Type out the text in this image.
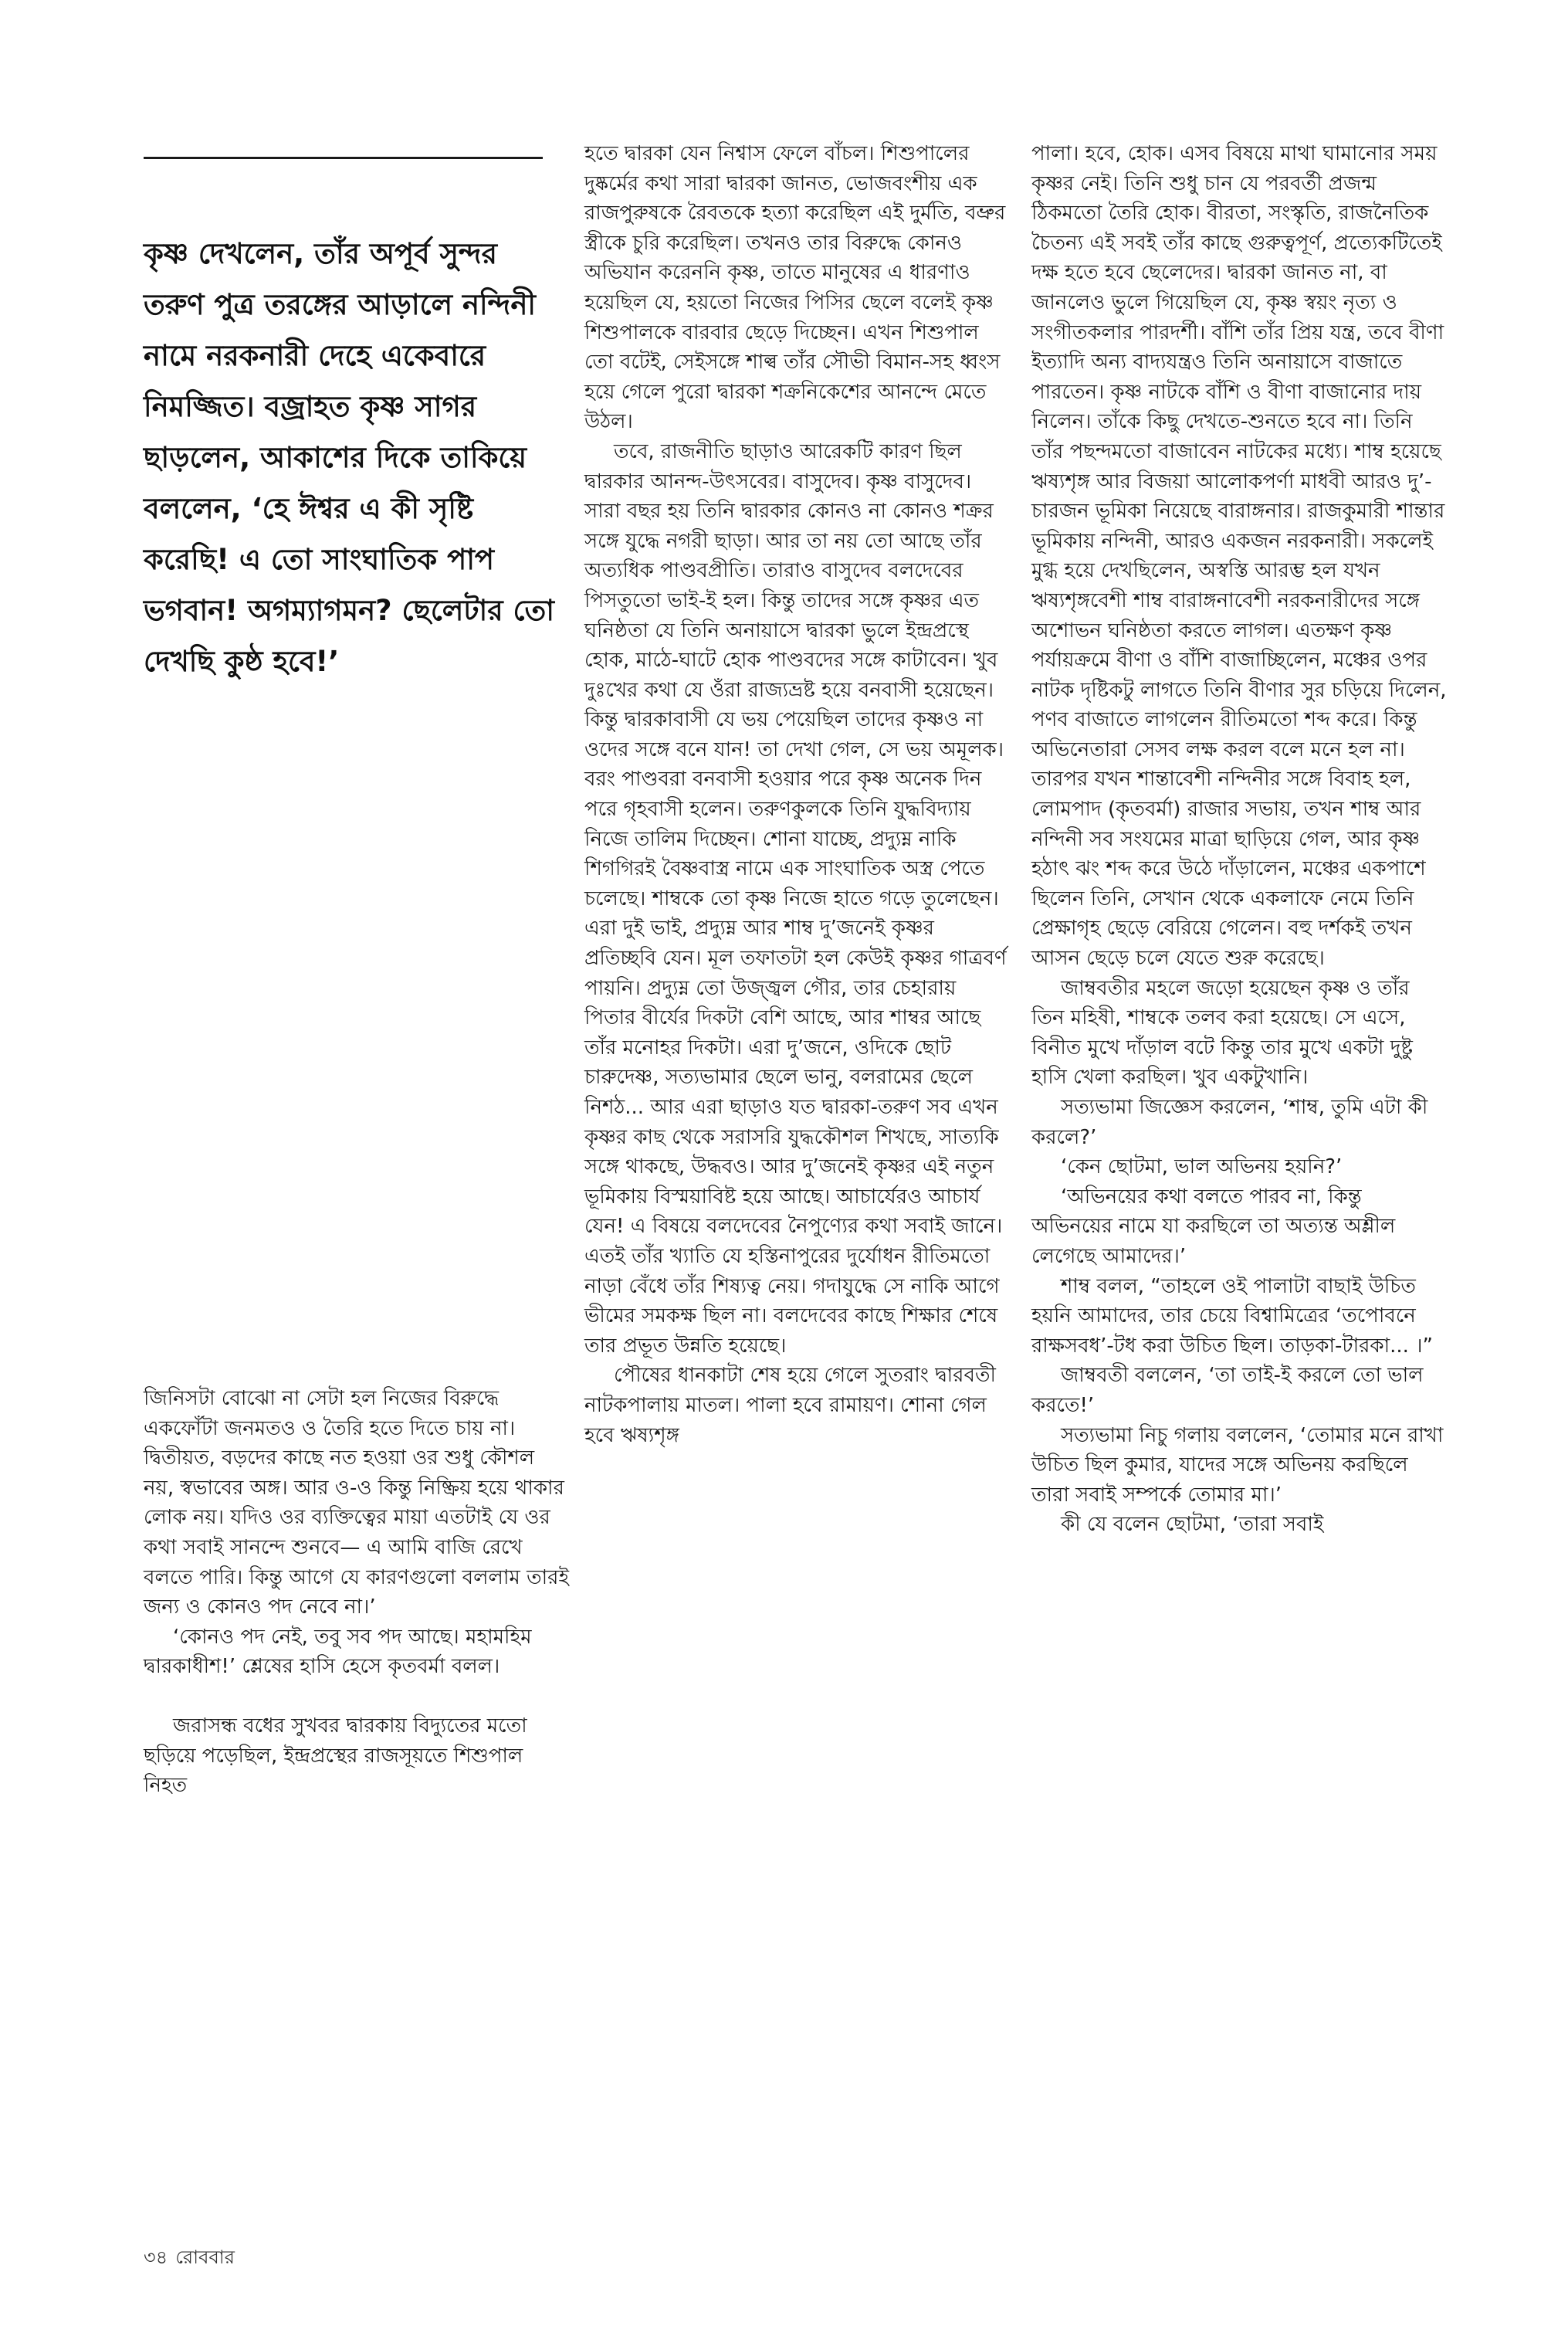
কৃষ্ণ দেখলেন, তাঁর অপূর্ব সুন্দর তরুণ পুত্র তরঙ্গের আড়ালে নন্দিনী নামে নরকনারী দেহে একেবারে নিমজ্জিত। বজ্রাহত কৃষ্ণ সাগর ছাড়লেন, আকাশের দিকে তাকিয়ে বললেন, ‘হে ঈশ্বর এ কী সৃষ্টি করেছি! এ তো সাংঘাতিক পাপ ভগবান! অগম্যাগমন? ছেলেটার তো দেখছি কুষ্ঠ হবে!’

জিনিসটা বোঝো না সেটা হল নিজের বিরুদ্ধে একফোঁটা জনমতও ও তৈরি হতে দিতে চায় না। দ্বিতীয়ত, বড়দের কাছে নত হওয়া ওর শুধু কৌশল নয়, স্বভাবের অঙ্গ। আর ও-ও কিন্তু নিষ্ক্রিয় হয়ে থাকার লোক নয়। যদিও ওর ব্যক্তিত্বের মায়া এতটাই যে ওর কথা সবাই সানন্দে শুনবে— এ আমি বাজি রেখে বলতে পারি। কিন্তু আগে যে কারণগুলো বললাম তারই জন্য ও কোনও পদ নেবে না।’

‘কোনও পদ নেই, তবু সব পদ আছে। মহামহিম দ্বারকাধীশ!’ শ্লেষের হাসি হেসে কৃতবর্মা বলল।

জরাসন্ধ বধের সুখবর দ্বারকায় বিদ্যুতের মতো ছড়িয়ে পড়েছিল, ইন্দ্রপ্রস্থের রাজসূয়তে শিশুপাল নিহত

হতে দ্বারকা যেন নিশ্বাস ফেলে বাঁচল। শিশুপালের দুষ্কর্মের কথা সারা দ্বারকা জানত, ভোজবংশীয় এক রাজপুরুষকে রৈবতকে হত্যা করেছিল এই দুর্মতি, বভ্রুর স্ত্রীকে চুরি করেছিল। তখনও তার বিরুদ্ধে কোনও অভিযান করেননি কৃষ্ণ, তাতে মানুষের এ ধারণাও হয়েছিল যে, হয়তো নিজের পিসির ছেলে বলেই কৃষ্ণ শিশুপালকে বারবার ছেড়ে দিচ্ছেন। এখন শিশুপাল তো বটেই, সেইসঙ্গে শাল্ব তাঁর সৌভী বিমান-সহ ধ্বংস হয়ে গেলে পুরো দ্বারকা শক্রনিকেশের আনন্দে মেতে উঠল।

তবে, রাজনীতি ছাড়াও আরেকটি কারণ ছিল দ্বারকার আনন্দ-উৎসবের। বাসুদেব। কৃষ্ণ বাসুদেব। সারা বছর হয় তিনি দ্বারকার কোনও না কোনও শক্রর সঙ্গে যুদ্ধে নগরী ছাড়া। আর তা নয় তো আছে তাঁর অত্যধিক পাণ্ডবপ্রীতি। তারাও বাসুদেব বলদেবের পিসতুতো ভাই-ই হল। কিন্তু তাদের সঙ্গে কৃষ্ণর এত ঘনিষ্ঠতা যে তিনি অনায়াসে দ্বারকা ভুলে ইন্দ্রপ্রস্থে হোক, মাঠে-ঘাটে হোক পাণ্ডবদের সঙ্গে কাটাবেন। খুব দুঃখের কথা যে ওঁরা রাজ্যভ্রষ্ট হয়ে বনবাসী হয়েছেন। কিন্তু দ্বারকাবাসী যে ভয় পেয়েছিল তাদের কৃষ্ণও না ওদের সঙ্গে বনে যান! তা দেখা গেল, সে ভয় অমূলক। বরং পাণ্ডবরা বনবাসী হওয়ার পরে কৃষ্ণ অনেক দিন পরে গৃহবাসী হলেন। তরুণকুলকে তিনি যুদ্ধবিদ্যায় নিজে তালিম দিচ্ছেন। শোনা যাচ্ছে, প্রদ্যুম্ন নাকি শিগগিরই বৈষ্ণবাস্ত্র নামে এক সাংঘাতিক অস্ত্র পেতে চলেছে। শাম্বকে তো কৃষ্ণ নিজে হাতে গড়ে তুলেছেন। এরা দুই ভাই, প্রদ্যুম্ন আর শাম্ব দু’জনেই কৃষ্ণর প্রতিচ্ছবি যেন। মূল তফাতটা হল কেউই কৃষ্ণর গাত্রবর্ণ পায়নি। প্রদ্যুম্ন তো উজ্জ্বল গৌর, তার চেহারায় পিতার বীর্যের দিকটা বেশি আছে, আর শাম্বর আছে তাঁর মনোহর দিকটা। এরা দু’জনে, ওদিকে ছোট চারুদেষ্ণ, সত্যভামার ছেলে ভানু, বলরামের ছেলে নিশঠ... আর এরা ছাড়াও যত দ্বারকা-তরুণ সব এখন কৃষ্ণর কাছ থেকে সরাসরি যুদ্ধকৌশল শিখছে, সাত্যকি সঙ্গে থাকছে, উদ্ধবও। আর দু’জনেই কৃষ্ণর এই নতুন ভূমিকায় বিস্ময়াবিষ্ট হয়ে আছে। আচার্যেরও আচার্য যেন! এ বিষয়ে বলদেবের নৈপুণ্যের কথা সবাই জানে। এতই তাঁর খ্যাতি যে হস্তিনাপুরের দুর্যোধন রীতিমতো নাড়া বেঁধে তাঁর শিষ্যত্ব নেয়। গদাযুদ্ধে সে নাকি আগে ভীমের সমকক্ষ ছিল না। বলদেবের কাছে শিক্ষার শেষে তার প্রভূত উন্নতি হয়েছে।

পৌষের ধানকাটা শেষ হয়ে গেলে সুতরাং দ্বারবতী নাটকপালায় মাতল। পালা হবে রামায়ণ। শোনা গেল হবে ঋষ্যশৃঙ্গ

পালা। হবে, হোক। এসব বিষয়ে মাথা ঘামানোর সময় কৃষ্ণর নেই। তিনি শুধু চান যে পরবর্তী প্রজন্ম ঠিকমতো তৈরি হোক। বীরতা, সংস্কৃতি, রাজনৈতিক চৈতন্য এই সবই তাঁর কাছে গুরুত্বপূর্ণ, প্রত্যেকটিতেই দক্ষ হতে হবে ছেলেদের। দ্বারকা জানত না, বা জানলেও ভুলে গিয়েছিল যে, কৃষ্ণ স্বয়ং নৃত্য ও সংগীতকলার পারদর্শী। বাঁশি তাঁর প্রিয় যন্ত্র, তবে বীণা ইত্যাদি অন্য বাদ্যযন্ত্রও তিনি অনায়াসে বাজাতে পারতেন। কৃষ্ণ নাটকে বাঁশি ও বীণা বাজানোর দায় নিলেন। তাঁকে কিছু দেখতে-শুনতে হবে না। তিনি তাঁর পছন্দমতো বাজাবেন নাটকের মধ্যে। শাম্ব হয়েছে ঋষ্যশৃঙ্গ আর বিজয়া আলোকপর্ণা মাধবী আরও দু’-চারজন ভূমিকা নিয়েছে বারাঙ্গনার। রাজকুমারী শান্তার ভূমিকায় নন্দিনী, আরও একজন নরকনারী। সকলেই মুগ্ধ হয়ে দেখছিলেন, অস্বস্তি আরম্ভ হল যখন ঋষ্যশৃঙ্গবেশী শাম্ব বারাঙ্গনাবেশী নরকনারীদের সঙ্গে অশোভন ঘনিষ্ঠতা করতে লাগল। এতক্ষণ কৃষ্ণ পর্যায়ক্রমে বীণা ও বাঁশি বাজাচ্ছিলেন, মঞ্চের ওপর নাটক দৃষ্টিকটু লাগতে তিনি বীণার সুর চড়িয়ে দিলেন, পণব বাজাতে লাগলেন রীতিমতো শব্দ করে। কিন্তু অভিনেতারা সেসব লক্ষ করল বলে মনে হল না। তারপর যখন শান্তাবেশী নন্দিনীর সঙ্গে বিবাহ হল, লোমপাদ (কৃতবর্মা) রাজার সভায়, তখন শাম্ব আর নন্দিনী সব সংযমের মাত্রা ছাড়িয়ে গেল, আর কৃষ্ণ হঠাৎ ঝং শব্দ করে উঠে দাঁড়ালেন, মঞ্চের একপাশে ছিলেন তিনি, সেখান থেকে একলাফে নেমে তিনি প্রেক্ষাগৃহ ছেড়ে বেরিয়ে গেলেন। বহু দর্শকই তখন আসন ছেড়ে চলে যেতে শুরু করেছে।

জাম্ববতীর মহলে জড়ো হয়েছেন কৃষ্ণ ও তাঁর তিন মহিষী, শাম্বকে তলব করা হয়েছে। সে এসে, বিনীত মুখে দাঁড়াল বটে কিন্তু তার মুখে একটা দুষ্টু হাসি খেলা করছিল। খুব একটুখানি।

সত্যভামা জিজ্ঞেস করলেন, ‘শাম্ব, তুমি এটা কী করলে?’

‘কেন ছোটমা, ভাল অভিনয় হয়নি?’

‘অভিনয়ের কথা বলতে পারব না, কিন্তু অভিনয়ের নামে যা করছিলে তা অত্যন্ত অশ্লীল লেগেছে আমাদের।’

শাম্ব বলল, “তাহলে ওই পালাটা বাছাই উচিত হয়নি আমাদের, তার চেয়ে বিশ্বামিত্রের ‘তপোবনে রাক্ষসবধ’-টধ করা উচিত ছিল। তাড়কা-টারকা... ।”

জাম্ববতী বললেন, ‘তা তাই-ই করলে তো ভাল করতে!’

সত্যভামা নিচু গলায় বললেন, ‘তোমার মনে রাখা উচিত ছিল কুমার, যাদের সঙ্গে অভিনয় করছিলে তারা সবাই সম্পর্কে তোমার মা।’

কী যে বলেন ছোটমা, ‘তারা সবাই

৩৪ রোববার
